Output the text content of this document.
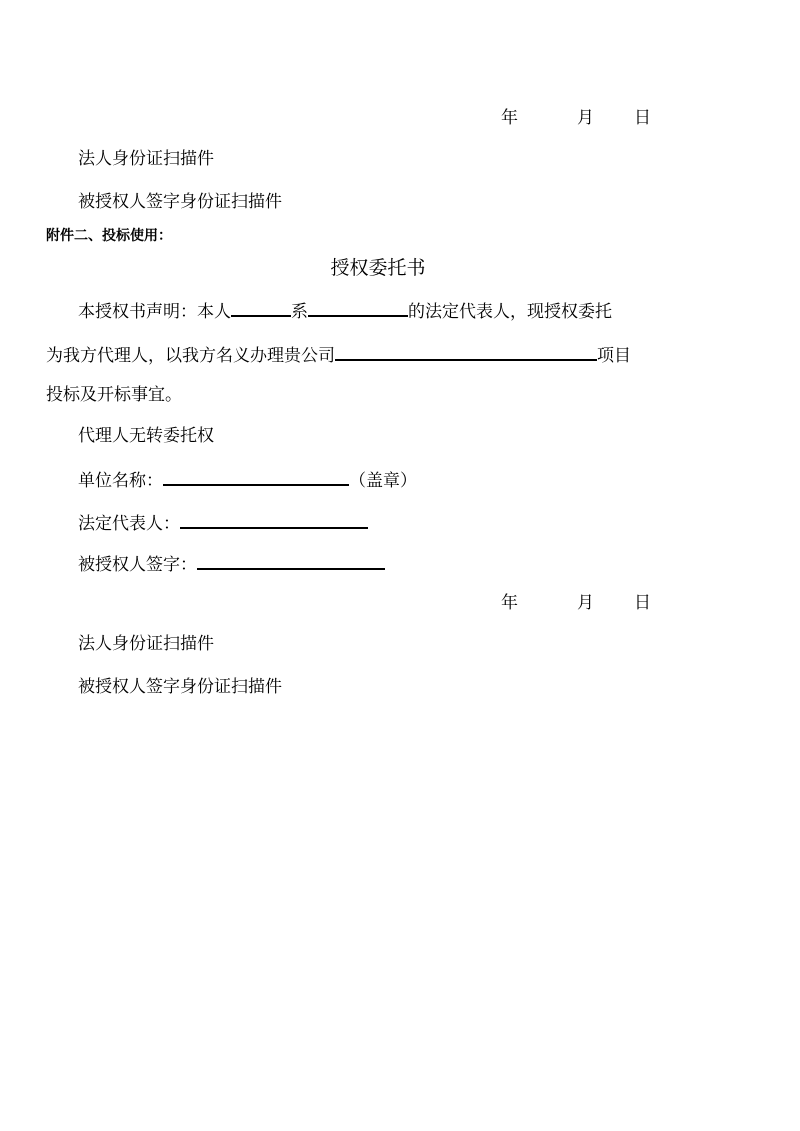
年	月 日
法人身份证扫描件
被授权人签字身份证扫描件
附件二、投标使用：
授权委托书
本授权书声明：本人	系	的法定代表人，现授权委托
为我方代理人，以我方名义办理贵公司	项目
投标及开标事宜。
代理人无转委托权
单位名称：	（盖章）
法定代表人：
被授权人签字：
年	月 日
法人身份证扫描件
被授权人签字身份证扫描件
